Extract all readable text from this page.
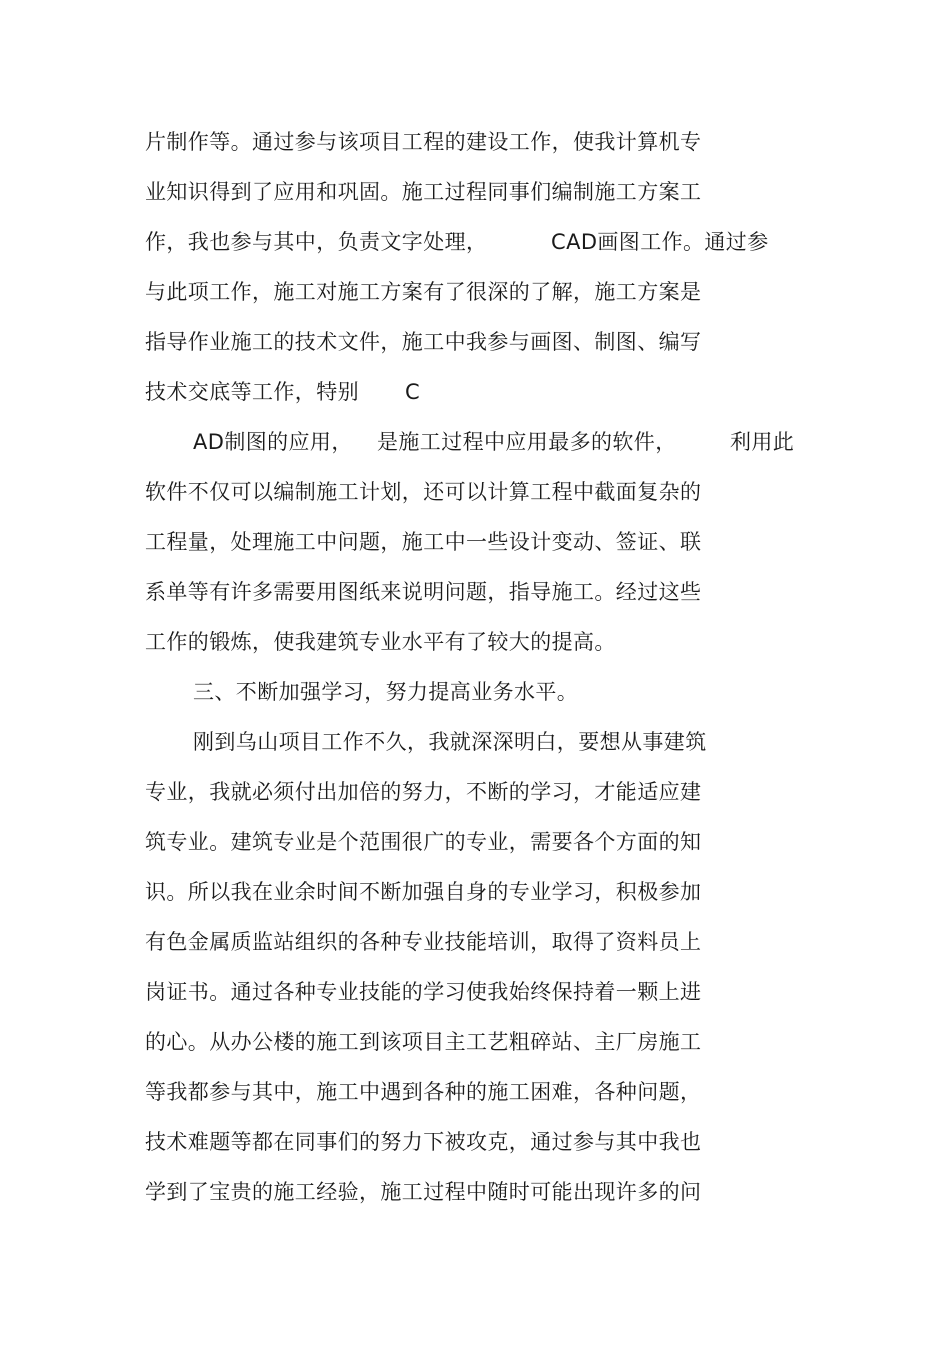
片制作等。通过参与该项目工程的建设工作，使我计算机专
业知识得到了应用和巩固。施工过程同事们编制施工方案工

作，我也参与其中，负责文字处理，

	CAD画图工作。通过参

与此项工作，施工对施工方案有了很深的了解，施工方案是
指导作业施工的技术文件，施工中我参与画图、制图、编写

技术交底等工作，特别

C

AD制图的应用，

是施工过程中应用最多的软件，

	利用此

软件不仅可以编制施工计划，还可以计算工程中截面复杂的
工程量，处理施工中问题，施工中一些设计变动、签证、联
系单等有许多需要用图纸来说明问题，指导施工。经过这些
工作的锻炼，使我建筑专业水平有了较大的提高。
三、不断加强学习，努力提高业务水平。
刚到乌山项目工作不久，我就深深明白，要想从事建筑
专业，我就必须付出加倍的努力，不断的学习，才能适应建
筑专业。建筑专业是个范围很广的专业，需要各个方面的知
识。所以我在业余时间不断加强自身的专业学习，积极参加
有色金属质监站组织的各种专业技能培训，取得了资料员上
岗证书。通过各种专业技能的学习使我始终保持着一颗上进
的心。从办公楼的施工到该项目主工艺粗碎站、主厂房施工
等我都参与其中，施工中遇到各种的施工困难，各种问题，
技术难题等都在同事们的努力下被攻克，通过参与其中我也
学到了宝贵的施工经验，施工过程中随时可能出现许多的问
